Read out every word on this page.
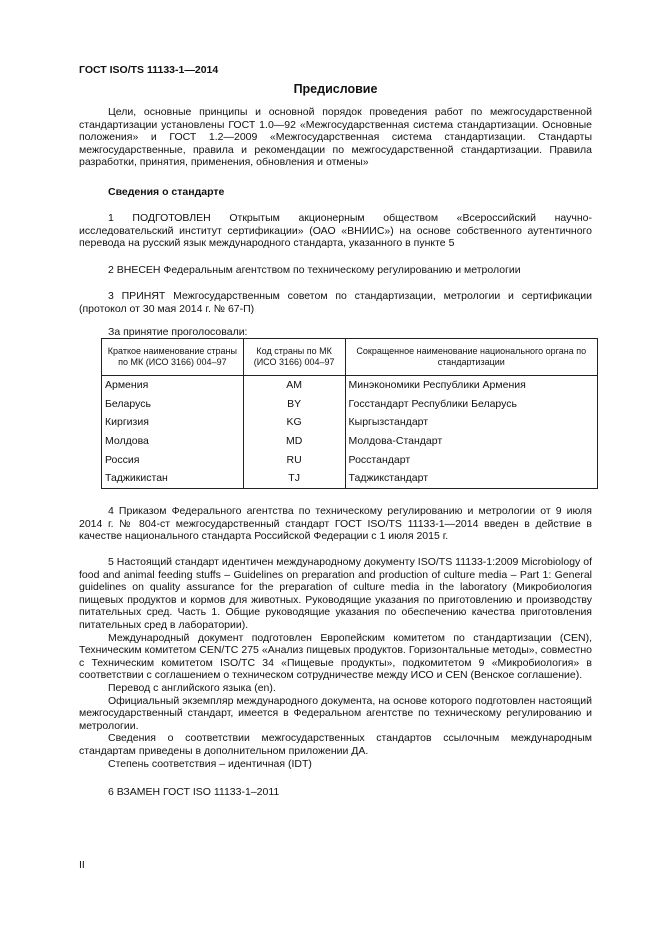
ГОСТ ISO/TS 11133-1—2014
Предисловие

Цели, основные принципы и основной порядок проведения работ по межгосударственной стандартизации установлены ГОСТ 1.0—92 «Межгосударственная система стандартизации. Основные положения» и ГОСТ 1.2—2009 «Межгосударственная система стандартизации. Стандарты межгосударственные, правила и рекомендации по межгосударственной стандартизации. Правила разработки, принятия, применения, обновления и отмены»

Сведения о стандарте

1 ПОДГОТОВЛЕН Открытым акционерным обществом «Всероссийский научно-исследовательский институт сертификации» (ОАО «ВНИИС») на основе собственного аутентичного перевода на русский язык международного стандарта, указанного в пункте 5

2 ВНЕСЕН Федеральным агентством по техническому регулированию и метрологии

3 ПРИНЯТ Межгосударственным советом по стандартизации, метрологии и сертификации (протокол от 30 мая 2014 г. № 67-П)

За принятие проголосовали:
Краткое наименование страны по МК (ИСО 3166) 004–97	Код страны по МК (ИСО 3166) 004–97	Сокращенное наименование национального органа по стандартизации
Армения	AM	Минэкономики Республики Армения
Беларусь	BY	Госстандарт Республики Беларусь
Киргизия	KG	Кыргызстандарт
Молдова	MD	Молдова-Стандарт
Россия	RU	Росстандарт
Таджикистан	TJ	Таджикстандарт

4 Приказом Федерального агентства по техническому регулированию и метрологии от 9 июля 2014 г. № 804-ст межгосударственный стандарт ГОСТ ISO/TS 11133-1—2014 введен в действие в качестве национального стандарта Российской Федерации с 1 июля 2015 г.

5 Настоящий стандарт идентичен международному документу ISO/TS 11133-1:2009 Microbiology of food and animal feeding stuffs – Guidelines on preparation and production of culture media – Part 1: General guidelines on quality assurance for the preparation of culture media in the laboratory (Микробиология пищевых продуктов и кормов для животных. Руководящие указания по приготовлению и производству питательных сред. Часть 1. Общие руководящие указания по обеспечению качества приготовления питательных сред в лаборатории).

Международный документ подготовлен Европейским комитетом по стандартизации (CEN), Техническим комитетом CEN/TC 275 «Анализ пищевых продуктов. Горизонтальные методы», совместно с Техническим комитетом ISO/TC 34 «Пищевые продукты», подкомитетом 9 «Микробиология» в соответствии с соглашением о техническом сотрудничестве между ИСО и CEN (Венское соглашение).

Перевод с английского языка (en).

Официальный экземпляр международного документа, на основе которого подготовлен настоящий межгосударственный стандарт, имеется в Федеральном агентстве по техническому регулированию и метрологии.

Сведения о соответствии межгосударственных стандартов ссылочным международным стандартам приведены в дополнительном приложении ДА.

Степень соответствия – идентичная (IDT)

6 ВЗАМЕН ГОСТ ISO 11133-1–2011

II
